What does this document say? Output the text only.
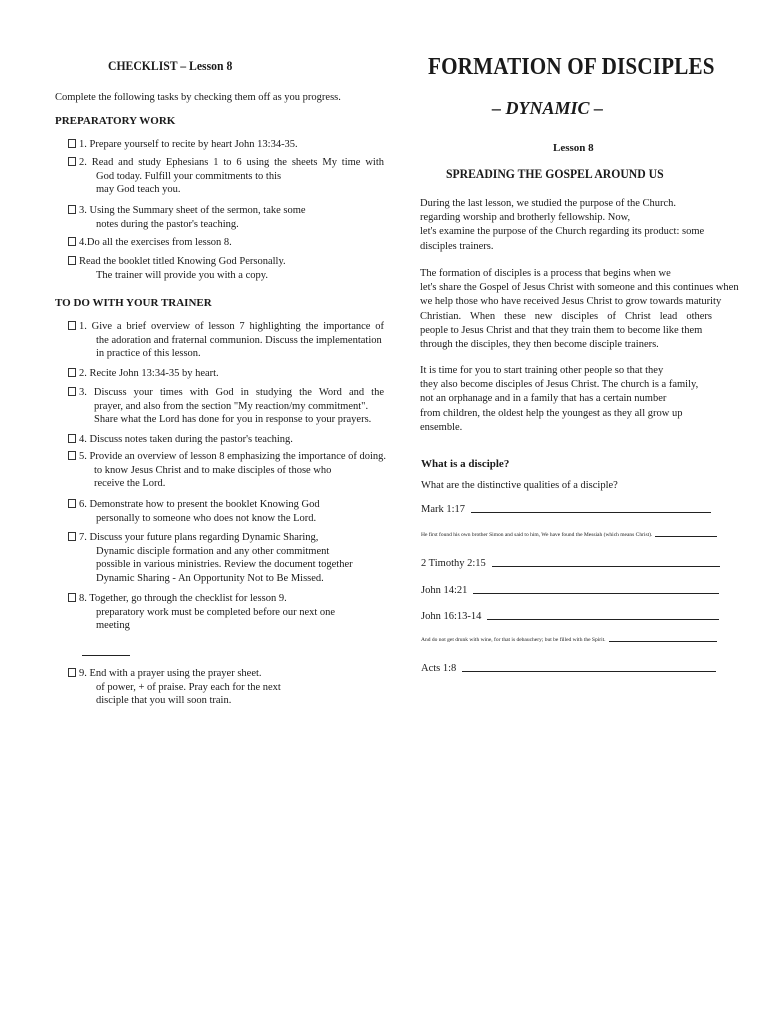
CHECKLIST – Lesson 8
Complete the following tasks by checking them off as you progress.
PREPARATORY WORK
1. Prepare yourself to recite by heart John 13:34-35.
2. Read and study Ephesians 1 to 6 using the sheets My time with
God today. Fulfill your commitments to this
may God teach you.
3. Using the Summary sheet of the sermon, take some
notes during the pastor's teaching.
4.Do all the exercises from lesson 8.
Read the booklet titled Knowing God Personally.
The trainer will provide you with a copy.
TO DO WITH YOUR TRAINER
1. Give a brief overview of lesson 7 highlighting the importance of
the adoration and fraternal communion. Discuss the implementation
in practice of this lesson.
2. Recite John 13:34-35 by heart.
3. Discuss your times with God in studying the Word and the
prayer, and also from the section "My reaction/my commitment".
Share what the Lord has done for you in response to your prayers.
4. Discuss notes taken during the pastor's teaching.
5. Provide an overview of lesson 8 emphasizing the importance of doing.
to know Jesus Christ and to make disciples of those who
receive the Lord.
6. Demonstrate how to present the booklet Knowing God
personally to someone who does not know the Lord.
7. Discuss your future plans regarding Dynamic Sharing,
Dynamic disciple formation and any other commitment
possible in various ministries. Review the document together
Dynamic Sharing - An Opportunity Not to Be Missed.
8. Together, go through the checklist for lesson 9.
preparatory work must be completed before our next one
meeting
9. End with a prayer using the prayer sheet.
of power, + of praise. Pray each for the next
disciple that you will soon train.
FORMATION OF DISCIPLES
– DYNAMIC –
Lesson 8
SPREADING THE GOSPEL AROUND US
During the last lesson, we studied the purpose of the Church.
regarding worship and brotherly fellowship. Now,
let's examine the purpose of the Church regarding its product: some
disciples trainers.
The formation of disciples is a process that begins when we
let's share the Gospel of Jesus Christ with someone and this continues when
we help those who have received Jesus Christ to grow towards maturity
Christian. When these new disciples of Christ lead others
people to Jesus Christ and that they train them to become like them
through the disciples, they then become disciple trainers.
It is time for you to start training other people so that they
they also become disciples of Jesus Christ. The church is a family,
not an orphanage and in a family that has a certain number
from children, the oldest help the youngest as they all grow up
ensemble.
What is a disciple?
What are the distinctive qualities of a disciple?
Mark 1:17
He first found his own brother Simon and said to him, We have found the Messiah (which means Christ).
2 Timothy 2:15
John 14:21
John 16:13-14
And do not get drunk with wine, for that is debauchery; but be filled with the Spirit.
Acts 1:8
